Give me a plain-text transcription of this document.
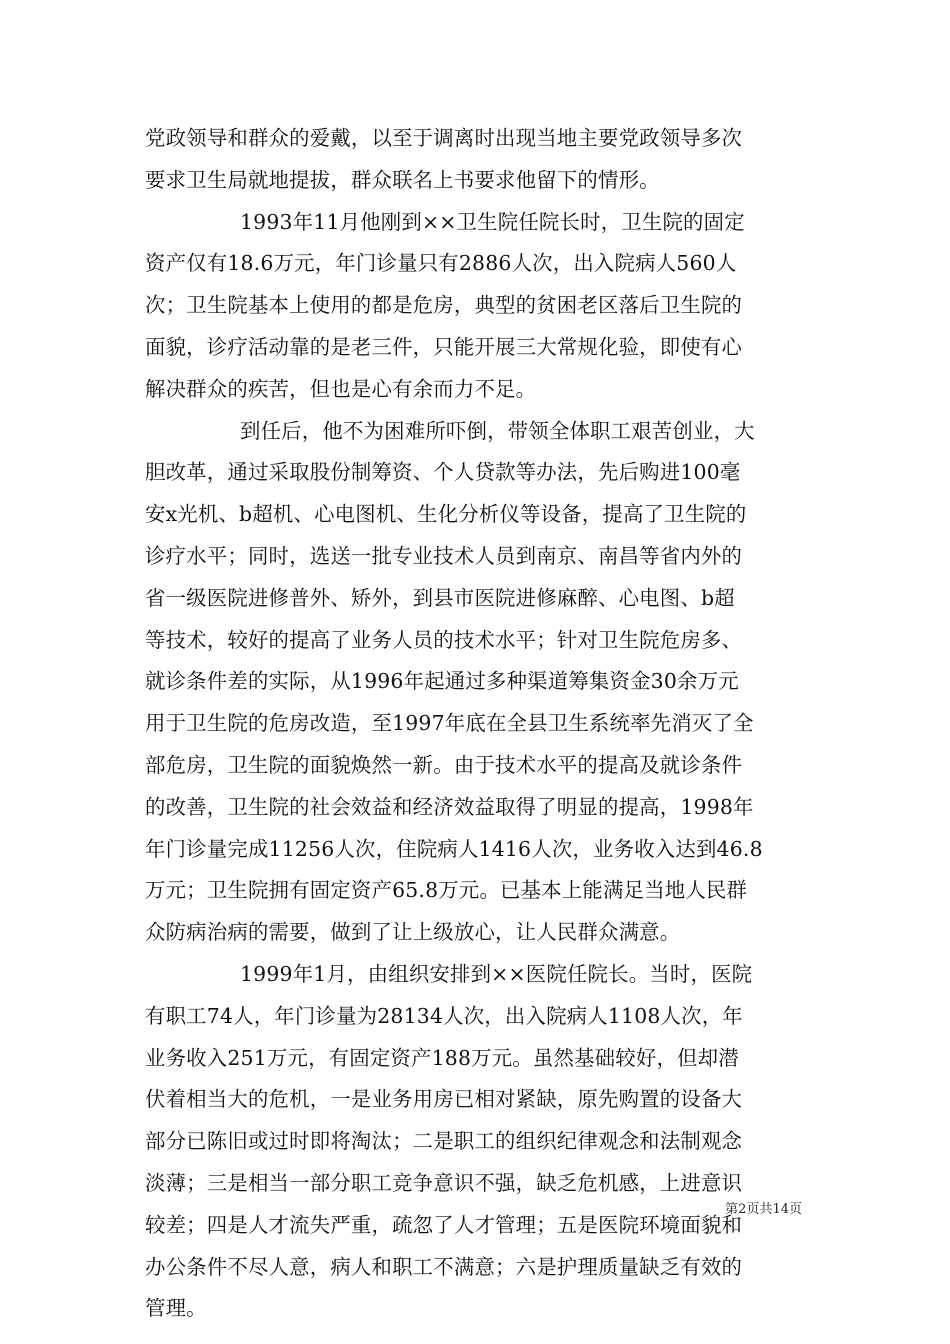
党政领导和群众的爱戴，以至于调离时出现当地主要党政领导多次
要求卫生局就地提拔，群众联名上书要求他留下的情形。
1993年11月他刚到××卫生院任院长时，卫生院的固定
资产仅有18.6万元，年门诊量只有2886人次，出入院病人560人
次；卫生院基本上使用的都是危房，典型的贫困老区落后卫生院的
面貌，诊疗活动靠的是老三件，只能开展三大常规化验，即使有心
解决群众的疾苦，但也是心有余而力不足。
到任后，他不为困难所吓倒，带领全体职工艰苦创业，大
胆改革，通过采取股份制筹资、个人贷款等办法，先后购进100毫
安x光机、b超机、心电图机、生化分析仪等设备，提高了卫生院的
诊疗水平；同时，选送一批专业技术人员到南京、南昌等省内外的
省一级医院进修普外、矫外，到县市医院进修麻醉、心电图、b超
等技术，较好的提高了业务人员的技术水平；针对卫生院危房多、
就诊条件差的实际，从1996年起通过多种渠道筹集资金30余万元
用于卫生院的危房改造，至1997年底在全县卫生系统率先消灭了全
部危房，卫生院的面貌焕然一新。由于技术水平的提高及就诊条件
的改善，卫生院的社会效益和经济效益取得了明显的提高，1998年
年门诊量完成11256人次，住院病人1416人次，业务收入达到46.8
万元；卫生院拥有固定资产65.8万元。已基本上能满足当地人民群
众防病治病的需要，做到了让上级放心，让人民群众满意。
1999年1月，由组织安排到××医院任院长。当时，医院
有职工74人，年门诊量为28134人次，出入院病人1108人次，年
业务收入251万元，有固定资产188万元。虽然基础较好，但却潜
伏着相当大的危机，一是业务用房已相对紧缺，原先购置的设备大
部分已陈旧或过时即将淘汰；二是职工的组织纪律观念和法制观念
淡薄；三是相当一部分职工竞争意识不强，缺乏危机感，上进意识
较差；四是人才流失严重，疏忽了人才管理；五是医院环境面貌和
办公条件不尽人意，病人和职工不满意；六是护理质量缺乏有效的
管理。
第2页共14页
